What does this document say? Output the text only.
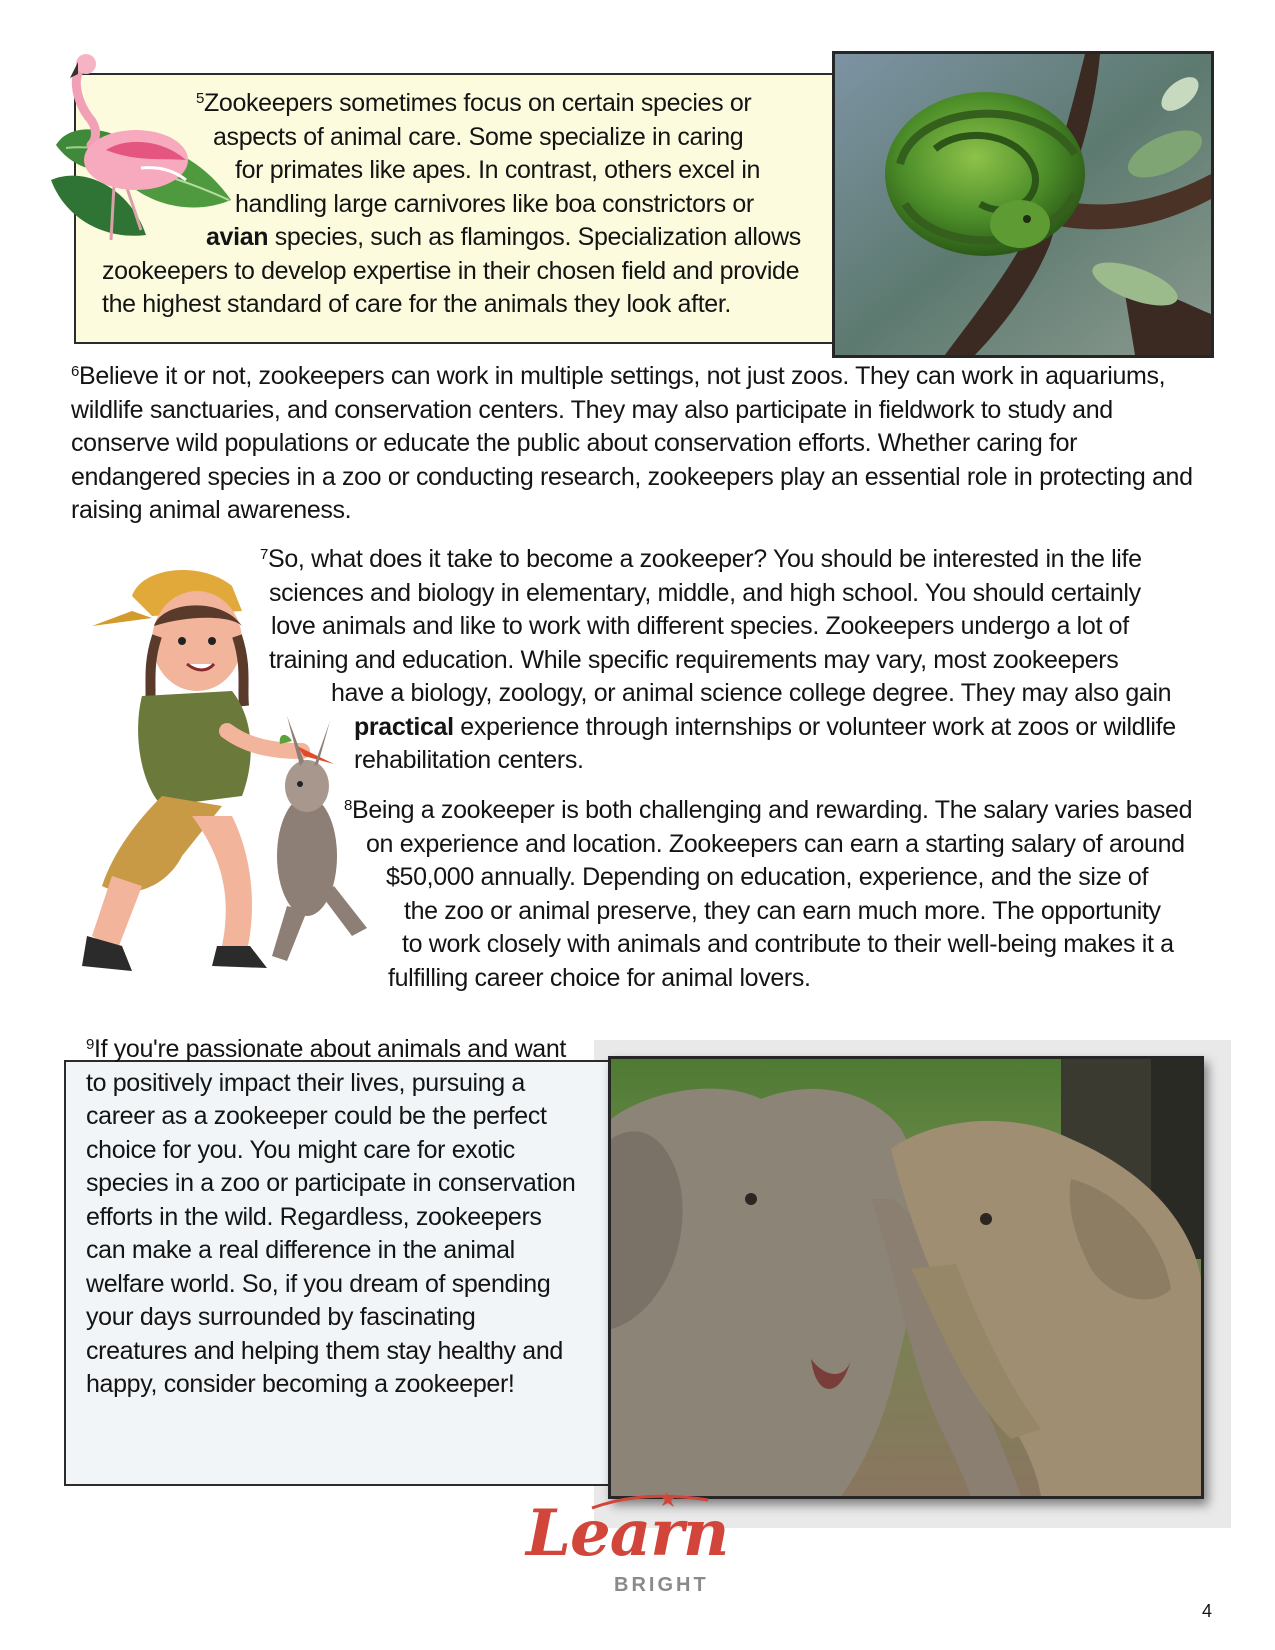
$^5$Zookeepers sometimes focus on certain species or
aspects of animal care. Some specialize in caring
for primates like apes. In contrast, others excel in
handling large carnivores like boa constrictors or
avian species, such as flamingos. Specialization allows
zookeepers to develop expertise in their chosen field and provide
the highest standard of care for the animals they look after.
$^6$Believe it or not, zookeepers can work in multiple settings, not just zoos. They can work in aquariums,
wildlife sanctuaries, and conservation centers. They may also participate in fieldwork to study and
conserve wild populations or educate the public about conservation efforts. Whether caring for
endangered species in a zoo or conducting research, zookeepers play an essential role in protecting and
raising animal awareness.
$^7$So, what does it take to become a zookeeper? You should be interested in the life
sciences and biology in elementary, middle, and high school. You should certainly
love animals and like to work with different species. Zookeepers undergo a lot of
training and education. While specific requirements may vary, most zookeepers
have a biology, zoology, or animal science college degree. They may also gain
practical experience through internships or volunteer work at zoos or wildlife
rehabilitation centers.
$^8$Being a zookeeper is both challenging and rewarding. The salary varies based
on experience and location. Zookeepers can earn a starting salary of around
$50,000 annually. Depending on education, experience, and the size of
the zoo or animal preserve, they can earn much more. The opportunity
to work closely with animals and contribute to their well-being makes it a
fulfilling career choice for animal lovers.
$^9$If you're passionate about animals and want
to positively impact their lives, pursuing a
career as a zookeeper could be the perfect
choice for you. You might care for exotic
species in a zoo or participate in conservation
efforts in the wild. Regardless, zookeepers
can make a real difference in the animal
welfare world. So, if you dream of spending
your days surrounded by fascinating
creatures and helping them stay healthy and
happy, consider becoming a zookeeper!
Learn
BRIGHT
4
